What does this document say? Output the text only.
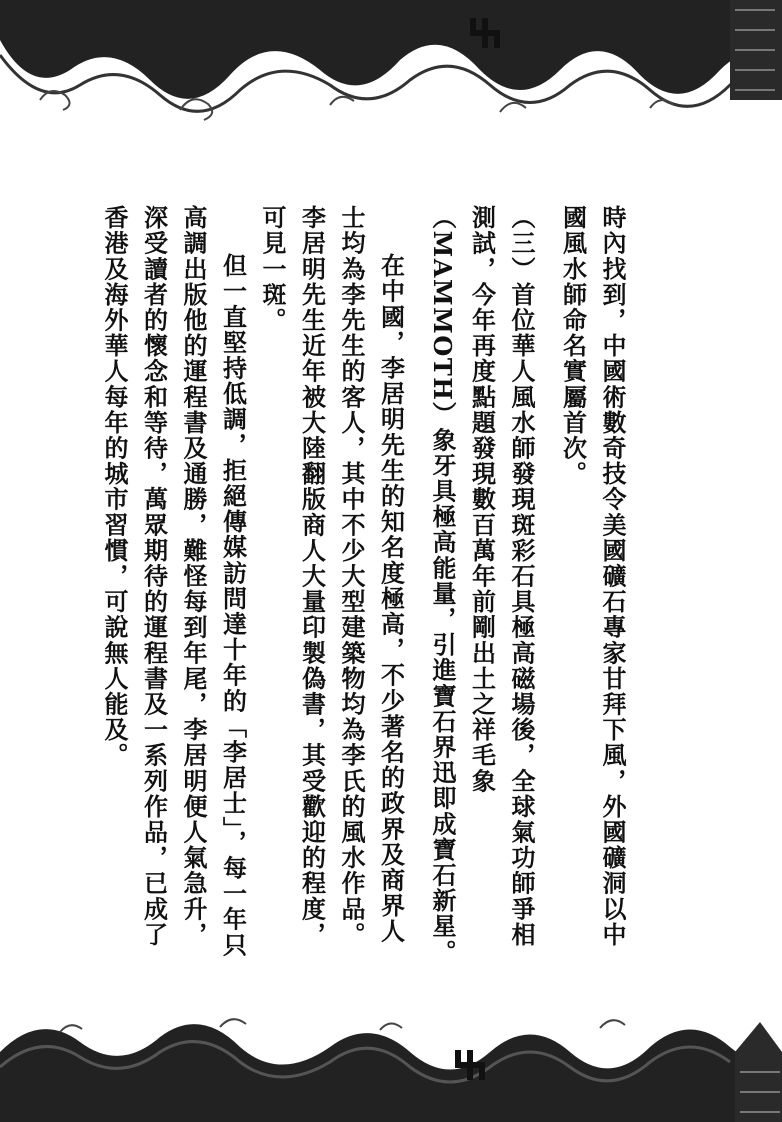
時內找到，中國術數奇技令美國礦石專家甘拜下風，外國礦洞以中國風水師命名實屬首次。

（三）首位華人風水師發現斑彩石具極高磁場後，全球氣功師爭相測試，今年再度點題發現數百萬年前剛出土之祥毛象（MAMMOTH）象牙具極高能量，引進寶石界迅即成寶石新星。

在中國，李居明先生的知名度極高，不少著名的政界及商界人士均為李先生的客人，其中不少大型建築物均為李氏的風水作品。李居明先生近年被大陸翻版商人大量印製偽書，其受歡迎的程度，可見一斑。

但一直堅持低調，拒絕傳媒訪問達十年的「李居士」，每一年只高調出版他的運程書及通勝，難怪每到年尾，李居明便人氣急升，深受讀者的懷念和等待，萬眾期待的運程書及一系列作品，已成了香港及海外華人每年的城市習慣，可說無人能及。
